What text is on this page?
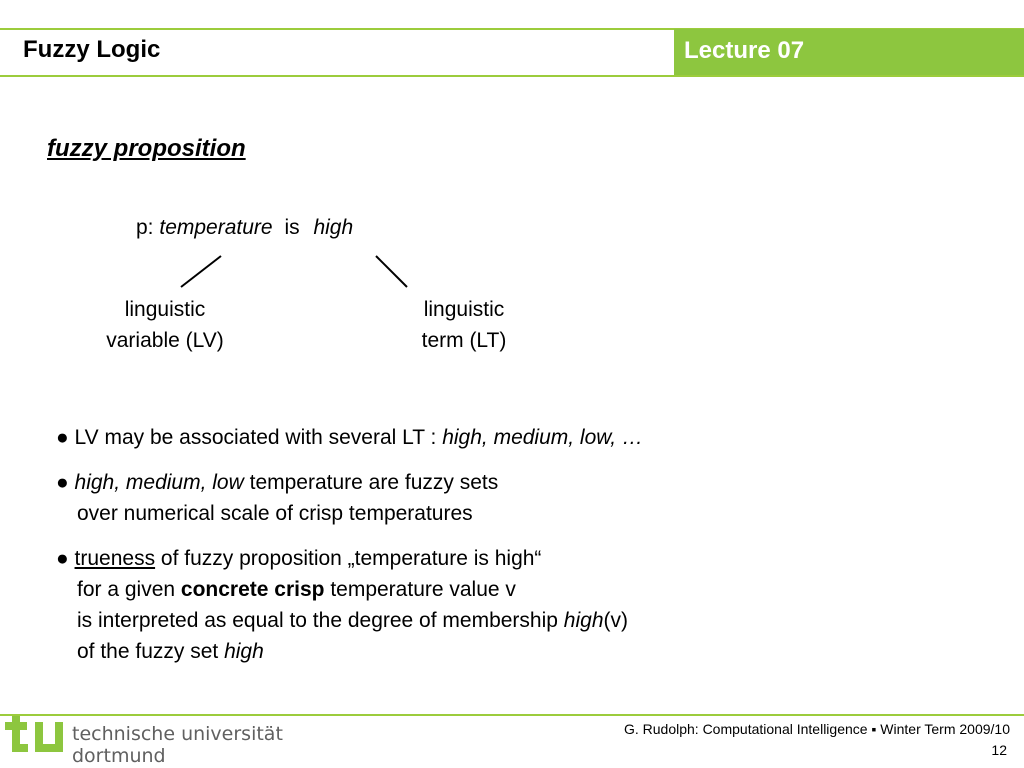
Fuzzy Logic	Lecture 07
fuzzy proposition
p: temperature is high
linguistic
variable (LV)
linguistic
term (LT)
● LV may be associated with several LT : high, medium, low, …
● high, medium, low temperature are fuzzy sets
over numerical scale of crisp temperatures
● trueness of fuzzy proposition „temperature is high“
for a given concrete crisp temperature value v
is interpreted as equal to the degree of membership high(v)
of the fuzzy set high
technische universität
dortmund
G. Rudolph: Computational Intelligence ▪ Winter Term 2009/10
12
